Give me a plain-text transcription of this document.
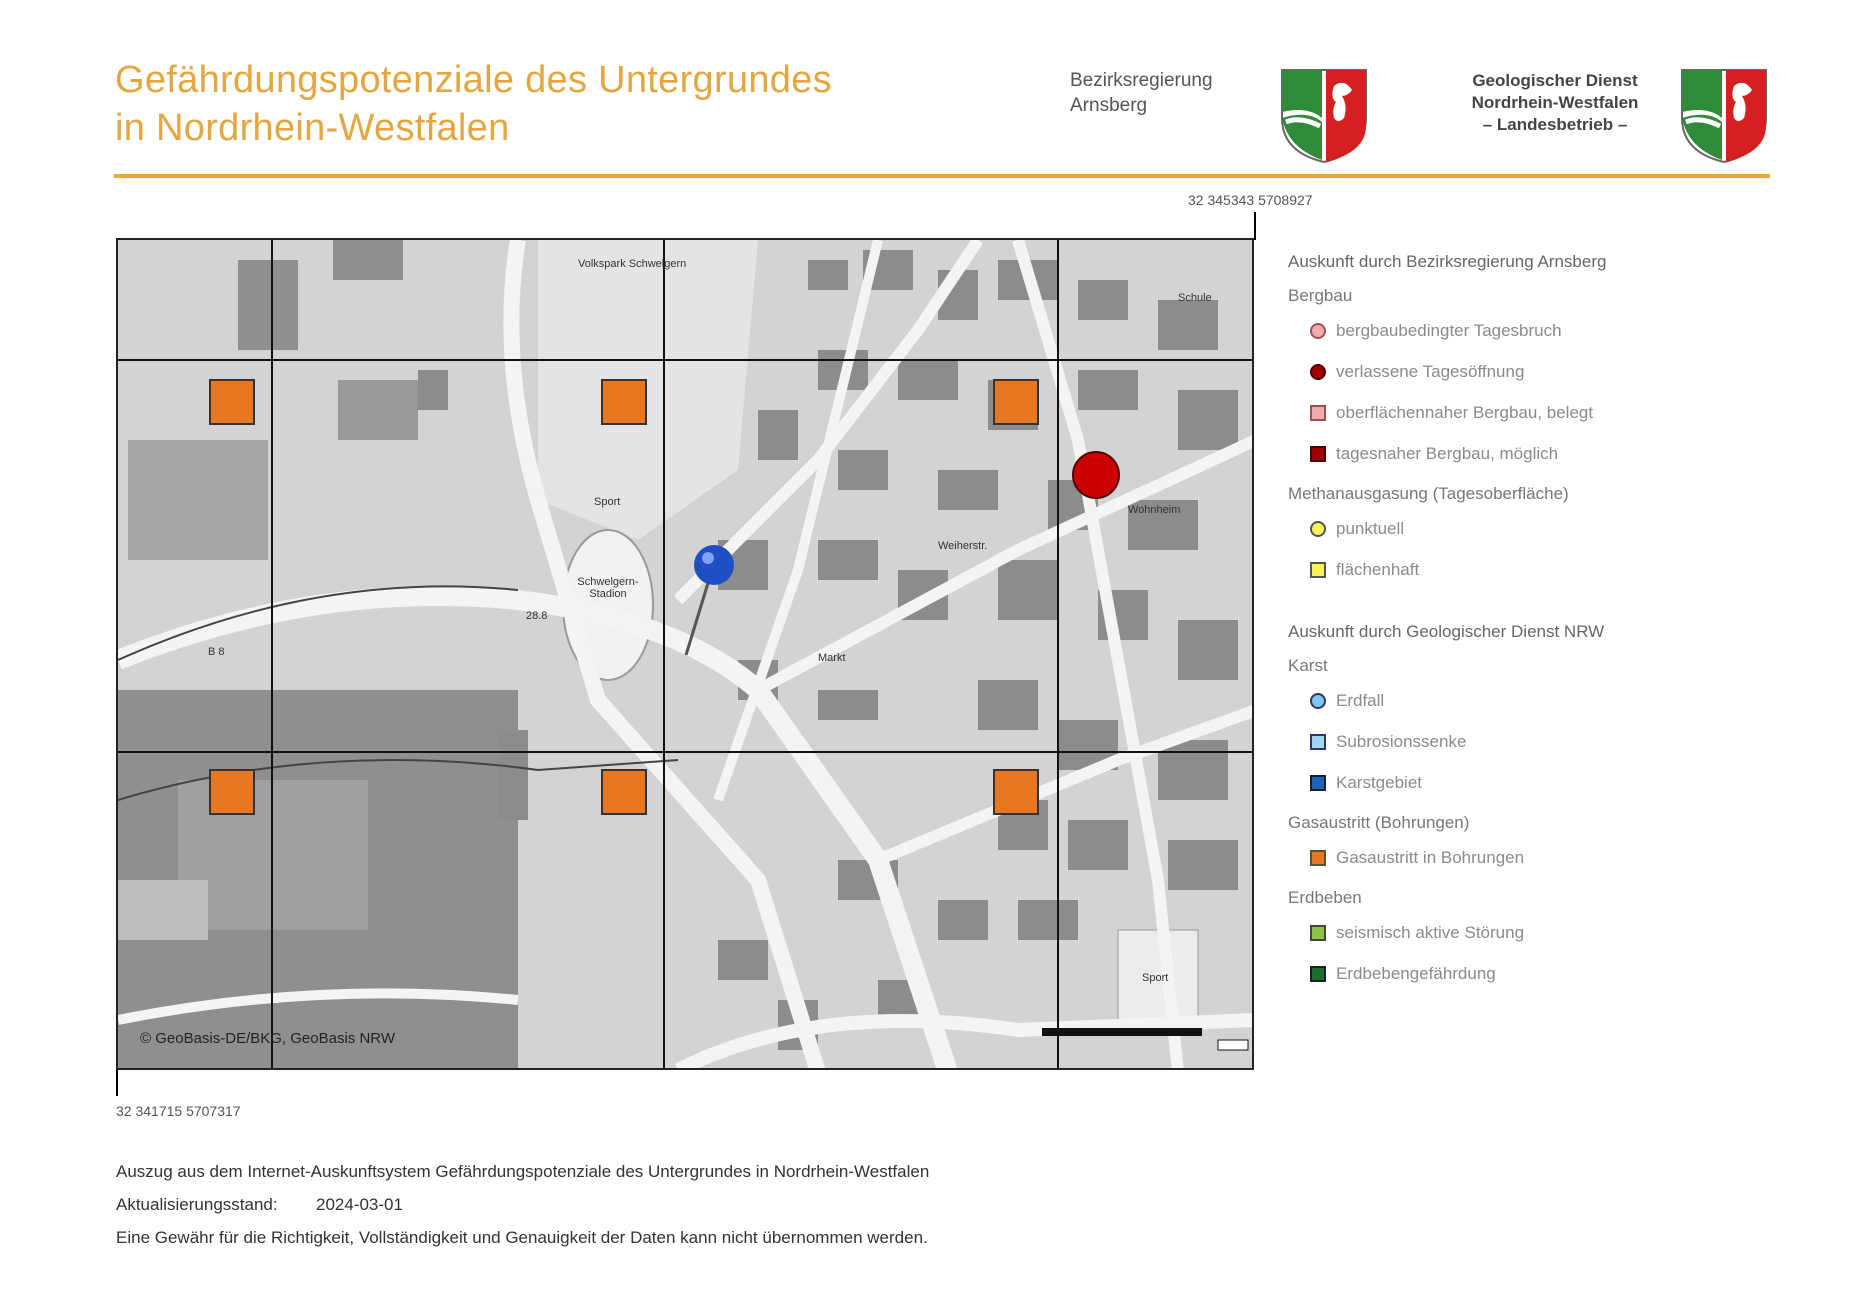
Gefährdungspotenziale des Untergrundes
in Nordrhein-Westfalen
Bezirksregierung
Arnsberg
Geologischer Dienst
Nordrhein-Westfalen
– Landesbetrieb –
32 345343 5708927
32 341715 5707317
Volkspark Schwelgern
Sport
Schwelgern-Stadion
Sport
28.8
B 8	Markt
Wohnheim
Weiherstr.
Schule
© GeoBasis-DE/BKG, GeoBasis NRW
Auskunft durch Bezirksregierung Arnsberg
Bergbau
bergbaubedingter Tagesbruch
verlassene Tagesöffnung
oberflächennaher Bergbau, belegt
tagesnaher Bergbau, möglich
Methanausgasung (Tagesoberfläche)
punktuell
flächenhaft
Auskunft durch Geologischer Dienst NRW
Karst
Erdfall
Subrosionssenke
Karstgebiet
Gasaustritt (Bohrungen)
Gasaustritt in Bohrungen
Erdbeben
seismisch aktive Störung
Erdbebengefährdung
Auszug aus dem Internet-Auskunftsystem Gefährdungspotenziale des Untergrundes in Nordrhein-Westfalen
Aktualisierungsstand: 2024-03-01
Eine Gewähr für die Richtigkeit, Vollständigkeit und Genauigkeit der Daten kann nicht übernommen werden.
